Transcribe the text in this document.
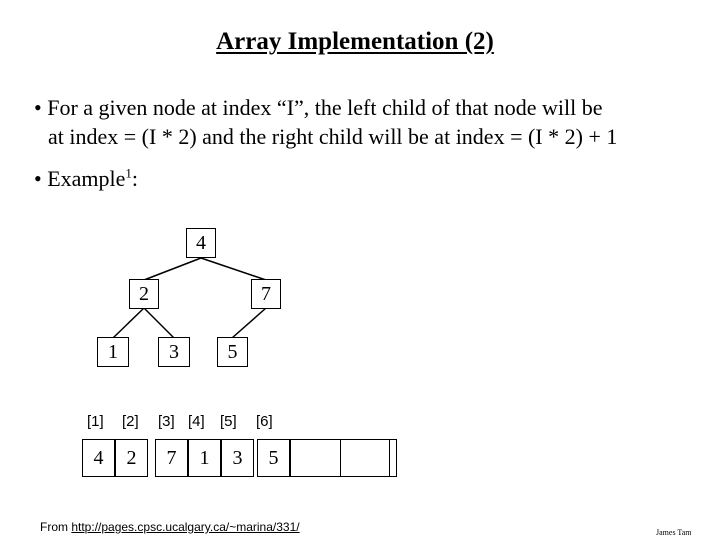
Array Implementation (2)
• For a given node at index “I”, the left child of that node will be
at index = (I * 2) and the right child will be at index = (I * 2) + 1
• Example$^1$:
4
2	7
1	3	5
[1] [2] [3] [4] [5] [6]
4	2	7	1	3	5
From http://pages.cpsc.ucalgary.ca/~marina/331/	James Tam
